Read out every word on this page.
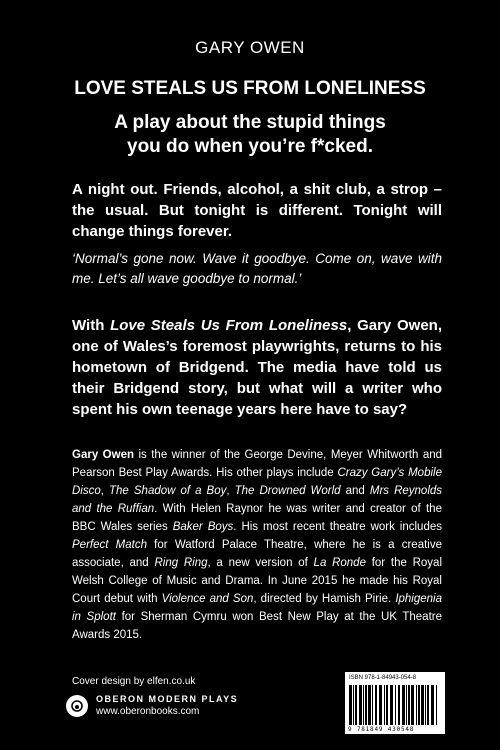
GARY OWEN
LOVE STEALS US FROM LONELINESS
A play about the stupid things
you do when you’re f*cked.

A night out. Friends, alcohol, a shit club, a strop – the usual. But tonight is different. Tonight will change things forever.

‘Normal’s gone now. Wave it goodbye. Come on, wave with me. Let’s all wave goodbye to normal.’

With Love Steals Us From Loneliness, Gary Owen, one of Wales’s foremost playwrights, returns to his hometown of Bridgend. The media have told us their Bridgend story, but what will a writer who spent his own teenage years here have to say?

Gary Owen is the winner of the George Devine, Meyer Whitworth and Pearson Best Play Awards. His other plays include Crazy Gary’s Mobile Disco, The Shadow of a Boy, The Drowned World and Mrs Reynolds and the Ruffian. With Helen Raynor he was writer and creator of the BBC Wales series Baker Boys. His most recent theatre work includes Perfect Match for Watford Palace Theatre, where he is a creative associate, and Ring Ring, a new version of La Ronde for the Royal Welsh College of Music and Drama. In June 2015 he made his Royal Court debut with Violence and Son, directed by Hamish Pirie. Iphigenia in Splott for Sherman Cymru won Best New Play at the UK Theatre Awards 2015.

Cover design by elfen.co.uk
OBERON MODERN PLAYS
www.oberonbooks.com
ISBN 978-1-84943-054-8
9 781849 430548
